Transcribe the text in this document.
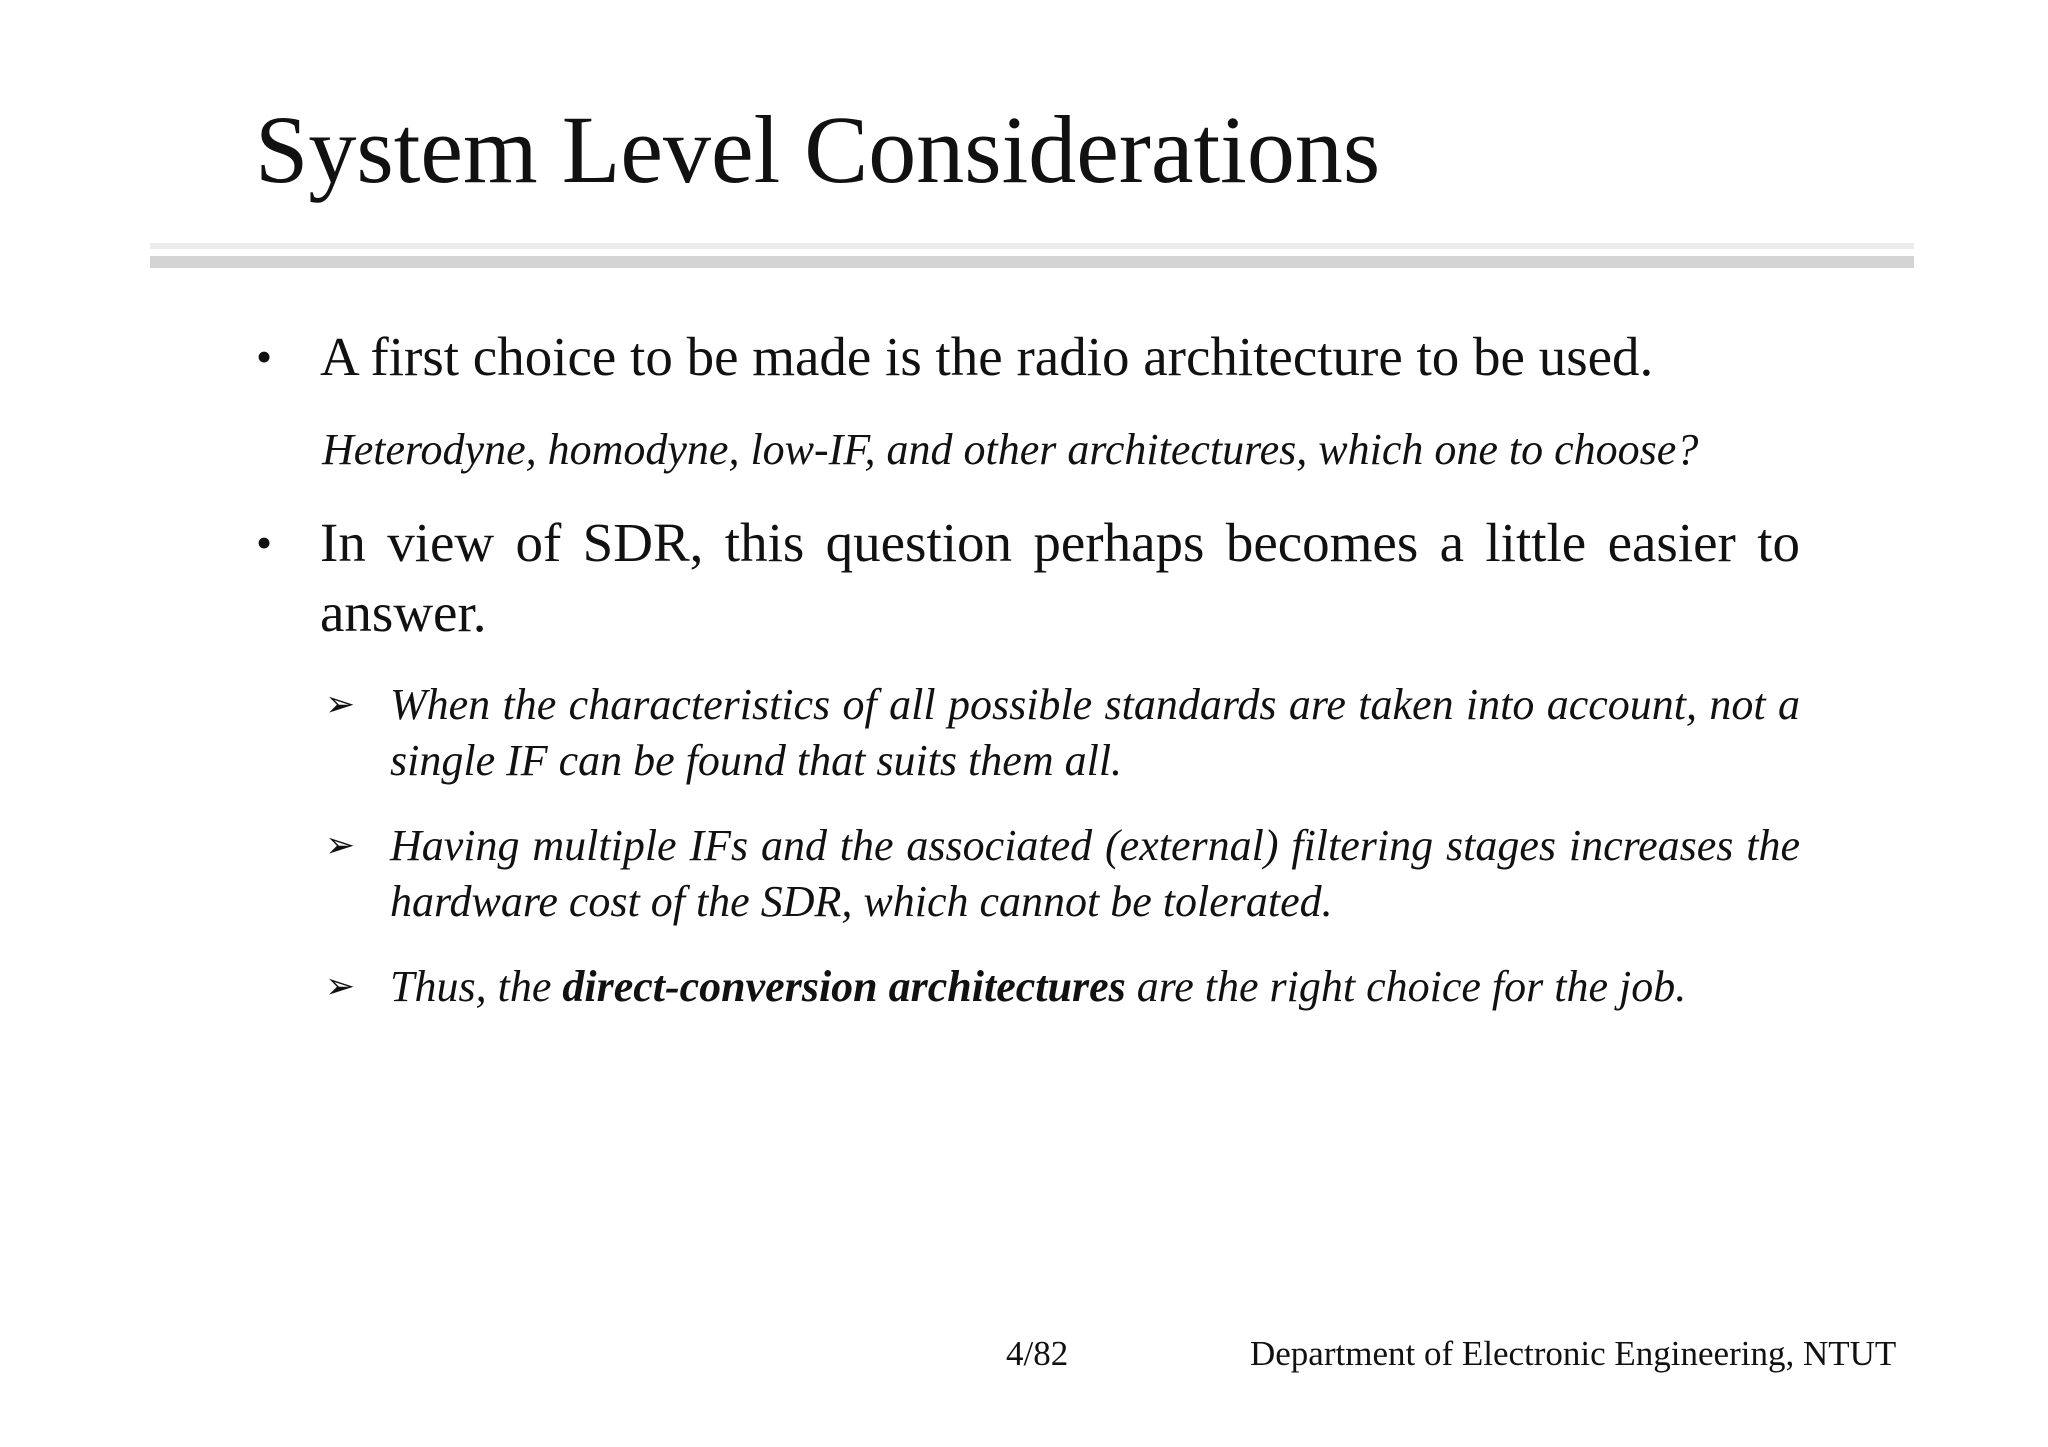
System Level Considerations
• A first choice to be made is the radio architecture to be used.
Heterodyne, homodyne, low-IF, and other architectures, which one to choose?
• In view of SDR, this question perhaps becomes a little easier to answer.
➢ When the characteristics of all possible standards are taken into account, not a single IF can be found that suits them all.
➢ Having multiple IFs and the associated (external) filtering stages increases the hardware cost of the SDR, which cannot be tolerated.
➢ Thus, the direct-conversion architectures are the right choice for the job.
4/82	Department of Electronic Engineering, NTUT
